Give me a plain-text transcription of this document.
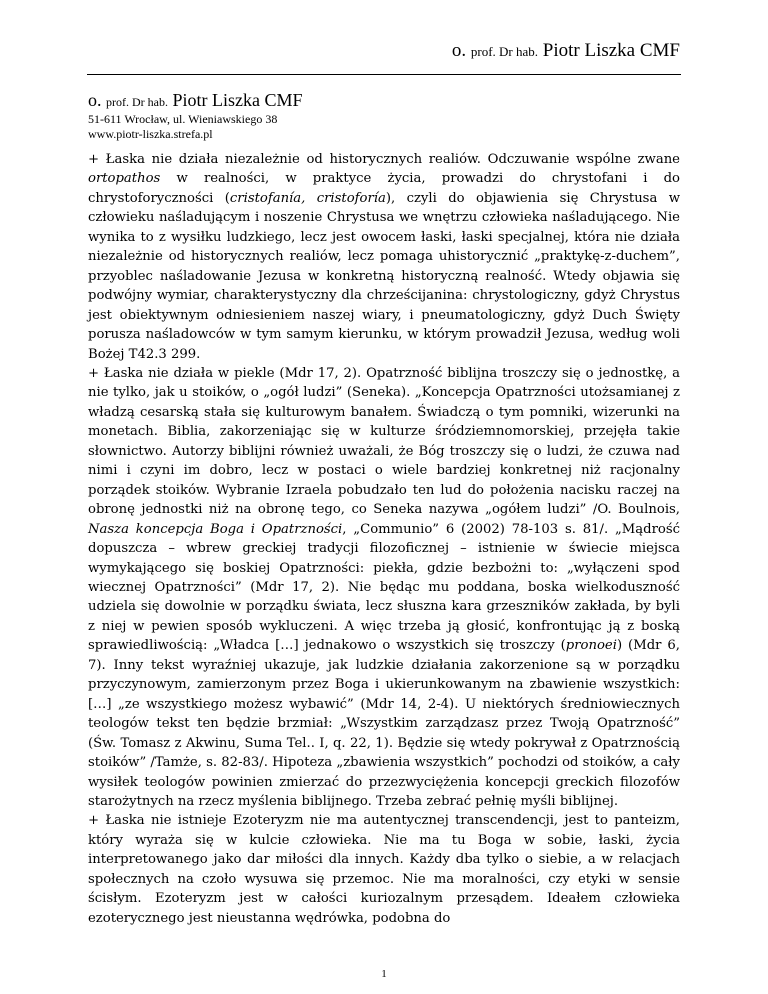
o. prof. Dr hab. Piotr Liszka CMF
o. prof. Dr hab. Piotr Liszka CMF
51-611 Wrocław, ul. Wieniawskiego 38
www.piotr-liszka.strefa.pl

+ Łaska nie działa niezależnie od historycznych realiów. Odczuwanie wspólne zwane ortopathos w realności, w praktyce życia, prowadzi do chrystofani i do chrystoforyczności (cristofanía, cristoforía), czyli do objawienia się Chrystusa w człowieku naśladującym i noszenie Chrystusa we wnętrzu człowieka naśladującego. Nie wynika to z wysiłku ludzkiego, lecz jest owocem łaski, łaski specjalnej, która nie działa niezależnie od historycznych realiów, lecz pomaga uhistorycznić „praktykę-z-duchem”, przyoblec naśladowanie Jezusa w konkretną historyczną realność. Wtedy objawia się podwójny wymiar, charakterystyczny dla chrześcijanina: chrystologiczny, gdyż Chrystus jest obiektywnym odniesieniem naszej wiary, i pneumatologiczny, gdyż Duch Święty porusza naśladowców w tym samym kierunku, w którym prowadził Jezusa, według woli Bożej T42.3 299.

+ Łaska nie działa w piekle (Mdr 17, 2). Opatrzność biblijna troszczy się o jednostkę, a nie tylko, jak u stoików, o „ogół ludzi” (Seneka). „Koncepcja Opatrzności utożsamianej z władzą cesarską stała się kulturowym banałem. Świadczą o tym pomniki, wizerunki na monetach. Biblia, zakorzeniając się w kulturze śródziemnomorskiej, przejęła takie słownictwo. Autorzy biblijni również uważali, że Bóg troszczy się o ludzi, że czuwa nad nimi i czyni im dobro, lecz w postaci o wiele bardziej konkretnej niż racjonalny porządek stoików. Wybranie Izraela pobudzało ten lud do położenia nacisku raczej na obronę jednostki niż na obronę tego, co Seneka nazywa „ogółem ludzi” /O. Boulnois, Nasza koncepcja Boga i Opatrzności, „Communio” 6 (2002) 78-103 s. 81/. „Mądrość dopuszcza – wbrew greckiej tradycji filozoficznej – istnienie w świecie miejsca wymykającego się boskiej Opatrzności: piekła, gdzie bezbożni to: „wyłączeni spod wiecznej Opatrzności” (Mdr 17, 2). Nie będąc mu poddana, boska wielkoduszność udziela się dowolnie w porządku świata, lecz słuszna kara grzeszników zakłada, by byli z niej w pewien sposób wykluczeni. A więc trzeba ją głosić, konfrontując ją z boską sprawiedliwością: „Władca […] jednakowo o wszystkich się troszczy (pronoei) (Mdr 6, 7). Inny tekst wyraźniej ukazuje, jak ludzkie działania zakorzenione są w porządku przyczynowym, zamierzonym przez Boga i ukierunkowanym na zbawienie wszystkich: […] „ze wszystkiego możesz wybawić” (Mdr 14, 2-4). U niektórych średniowiecznych teologów tekst ten będzie brzmiał: „Wszystkim zarządzasz przez Twoją Opatrzność” (Św. Tomasz z Akwinu, Suma Tel.. I, q. 22, 1). Będzie się wtedy pokrywał z Opatrznością stoików” /Tamże, s. 82-83/. Hipoteza „zbawienia wszystkich” pochodzi od stoików, a cały wysiłek teologów powinien zmierzać do przezwyciężenia koncepcji greckich filozofów starożytnych na rzecz myślenia biblijnego. Trzeba zebrać pełnię myśli biblijnej.

+ Łaska nie istnieje Ezoteryzm nie ma autentycznej transcendencji, jest to panteizm, który wyraża się w kulcie człowieka. Nie ma tu Boga w sobie, łaski, życia interpretowanego jako dar miłości dla innych. Każdy dba tylko o siebie, a w relacjach społecznych na czoło wysuwa się przemoc. Nie ma moralności, czy etyki w sensie ścisłym. Ezoteryzm jest w całości kuriozalnym przesądem. Ideałem człowieka ezoterycznego jest nieustanna wędrówka, podobna do

1
